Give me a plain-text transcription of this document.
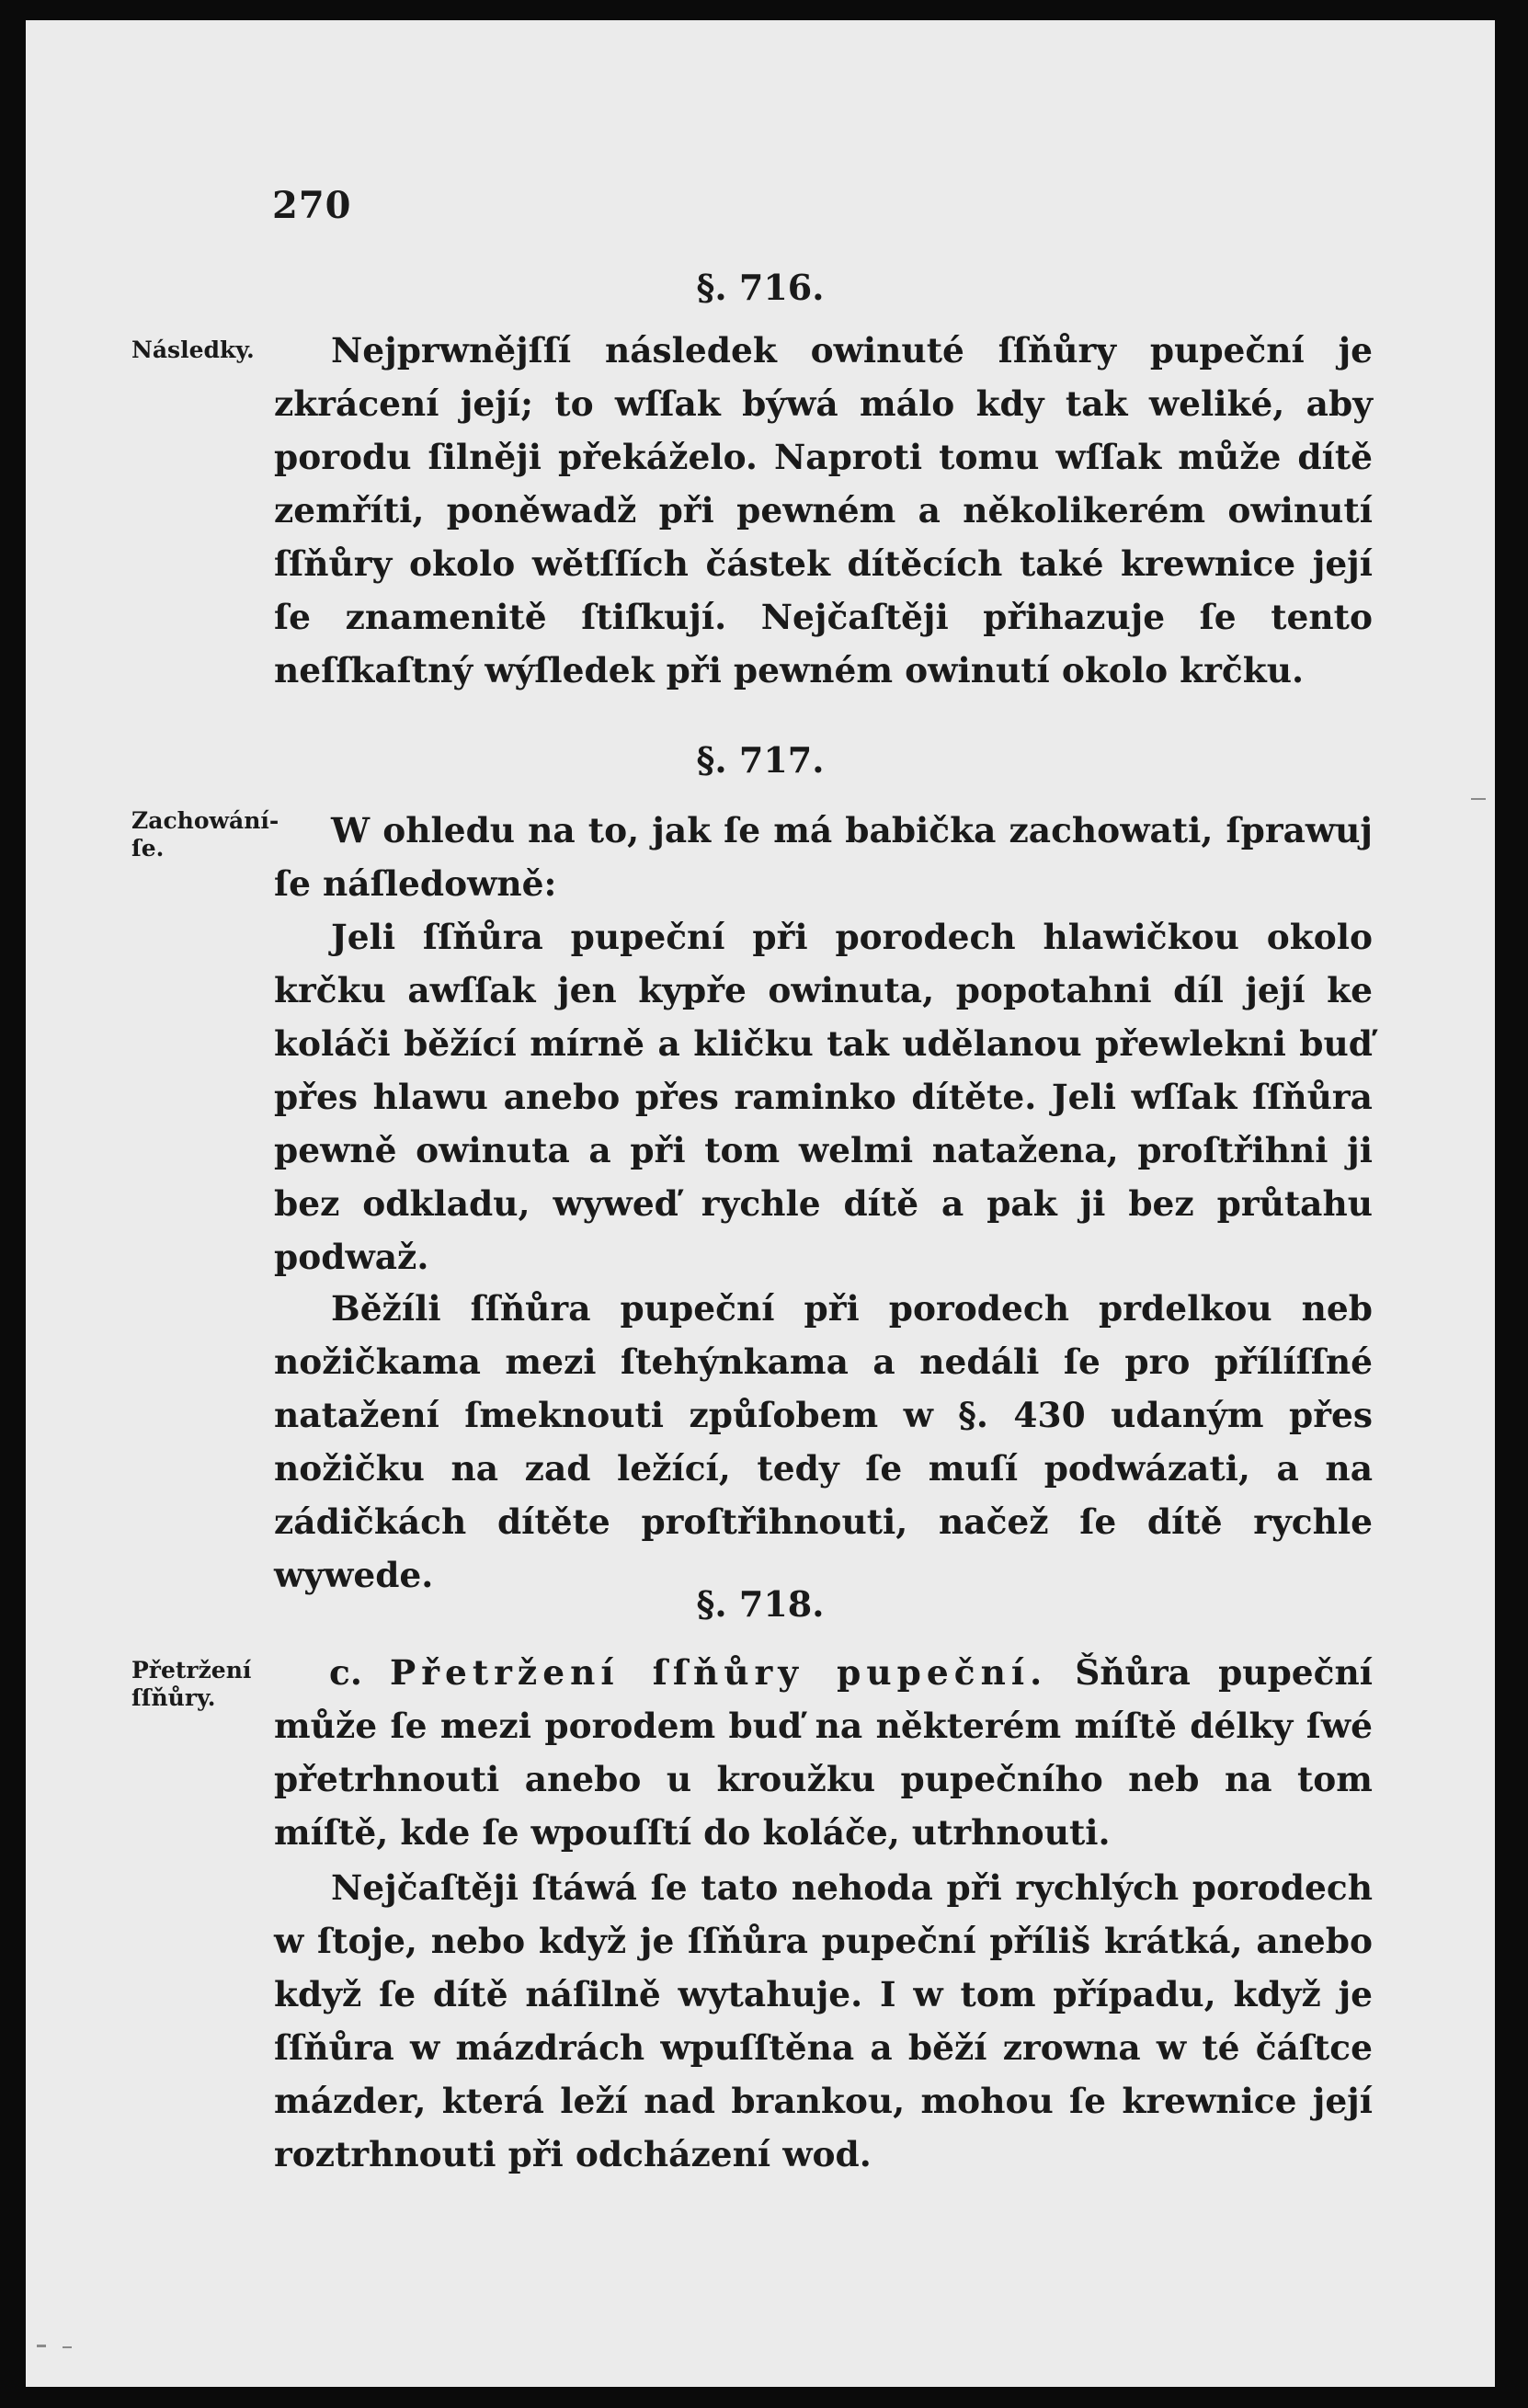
270
§. 716.
Následky.	Nejprwnějſſí následek owinuté ſſňůry pupeční je zkrácení její; to wſſak býwá málo kdy tak weliké, aby porodu ſilněji překáželo. Naproti tomu wſſak může dítě zemříti, poněwadž při pewném a několikerém owinutí ſſňůry okolo wětſſích částek dítěcích také krewnice její ſe znamenitě ſtiſkují. Nejčaſtěji přihazuje ſe tento neſſkaſtný wýſledek při pewném owinutí okolo krčku.
§. 717.
Zachowání-ſe.	W ohledu na to, jak ſe má babička zachowati, ſprawuj ſe náſledowně:
Jeli ſſňůra pupeční při porodech hlawičkou okolo krčku awſſak jen kypře owinuta, popotahni díl její ke koláči běžící mírně a kličku tak udělanou přewlekni buď přes hlawu anebo přes raminko dítěte. Jeli wſſak ſſňůra pewně owinuta a při tom welmi natažena, proſtřihni ji bez odkladu, wyweď rychle dítě a pak ji bez průtahu podwaž.
Běžíli ſſňůra pupeční při porodech prdelkou neb nožičkama mezi ſtehýnkama a nedáli ſe pro přílíſſné natažení ſmeknouti způſobem w §. 430 udaným přes nožičku na zad ležící, tedy ſe muſí podwázati, a na zádičkách dítěte proſtřihnouti, načež ſe dítě rychle wywede.
§. 718.
Přetržení ſſňůry.
c. Přetržení ſſňůry pupeční. Šňůra pupeční může ſe mezi porodem buď na některém míſtě délky ſwé přetrhnouti anebo u kroužku pupečního neb na tom míſtě, kde ſe wpouſſtí do koláče, utrhnouti.
Nejčaſtěji ſtáwá ſe tato nehoda při rychlých porodech w ſtoje, nebo když je ſſňůra pupeční příliš krátká, anebo když ſe dítě náſilně wytahuje. I w tom případu, když je ſſňůra w mázdrách wpuſſtěna a běží zrowna w té čáſtce mázder, která leží nad brankou, mohou ſe krewnice její roztrhnouti při odcházení wod.
